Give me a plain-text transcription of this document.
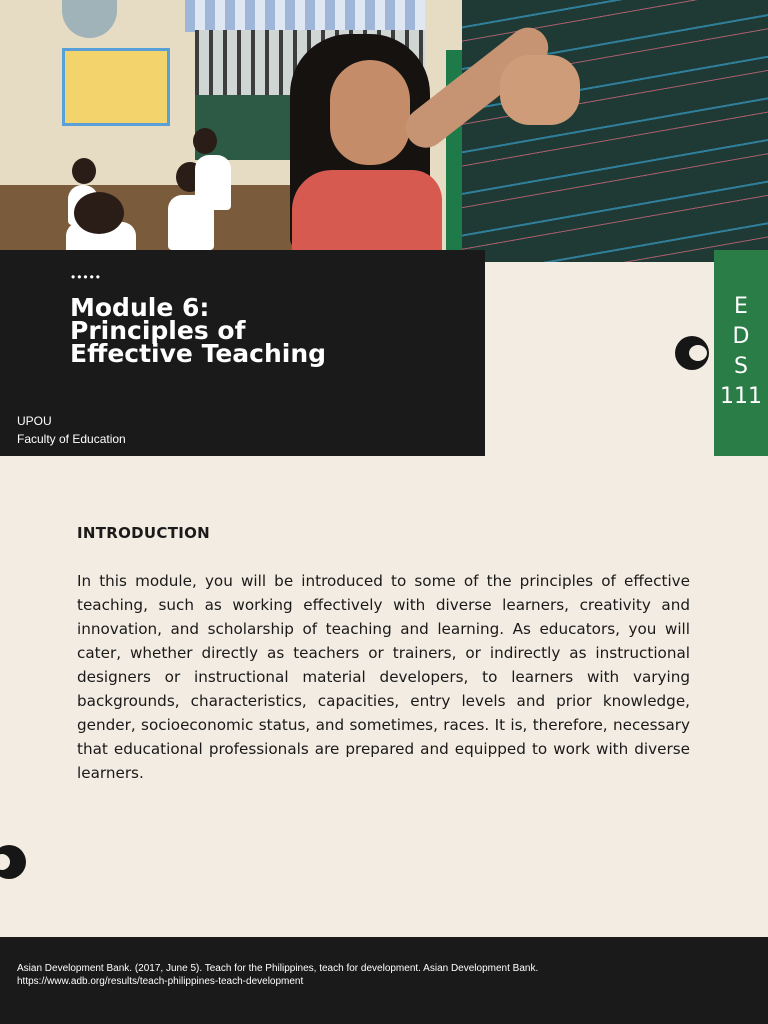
•••••
Module 6:
Principles of
Effective Teaching
UPOU
Faculty of Education
E
D
S
111
INTRODUCTION
In this module, you will be introduced to some of the principles of effective teaching, such as working effectively with diverse learners, creativity and innovation, and scholarship of teaching and learning. As educators, you will cater, whether directly as teachers or trainers, or indirectly as instructional designers or instructional material developers, to learners with varying backgrounds, characteristics, capacities, entry levels and prior knowledge, gender, socioeconomic status, and sometimes, races. It is, therefore, necessary that educational professionals are prepared and equipped to work with diverse learners.
Asian Development Bank. (2017, June 5). Teach for the Philippines, teach for development. Asian Development Bank.
https://www.adb.org/results/teach-philippines-teach-development
